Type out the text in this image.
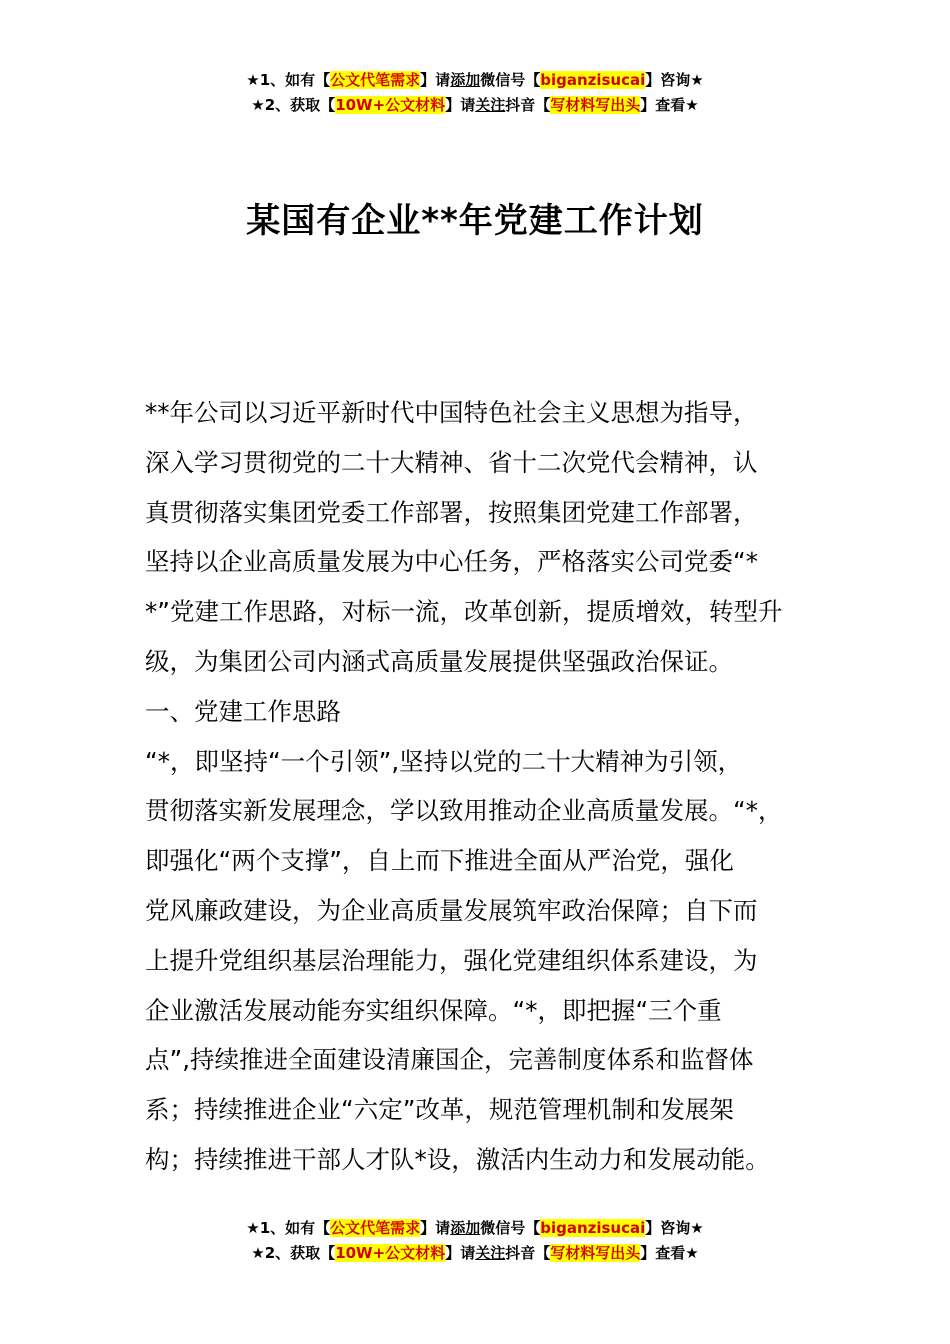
★1、如有【公文代笔需求】请添加微信号【biganzisucai】咨询★
★2、获取【10W+公文材料】请关注抖音【写材料写出头】查看★
某国有企业**年党建工作计划

**年公司以习近平新时代中国特色社会主义思想为指导，

深入学习贯彻党的二十大精神、省十二次党代会精神，认

真贯彻落实集团党委工作部署，按照集团党建工作部署，

坚持以企业高质量发展为中心任务，严格落实公司党委“*

*”党建工作思路，对标一流，改革创新，提质增效，转型升

级，为集团公司内涵式高质量发展提供坚强政治保证。

一、党建工作思路

“*，即坚持“一个引领”,坚持以党的二十大精神为引领，

贯彻落实新发展理念，学以致用推动企业高质量发展。“*，

即强化“两个支撑”，自上而下推进全面从严治党，强化

党风廉政建设，为企业高质量发展筑牢政治保障；自下而

上提升党组织基层治理能力，强化党建组织体系建设，为

企业激活发展动能夯实组织保障。“*，即把握“三个重

点”,持续推进全面建设清廉国企，完善制度体系和监督体

系；持续推进企业“六定”改革，规范管理机制和发展架

构；持续推进干部人才队*设，激活内生动力和发展动能。

★1、如有【公文代笔需求】请添加微信号【biganzisucai】咨询★
★2、获取【10W+公文材料】请关注抖音【写材料写出头】查看★
